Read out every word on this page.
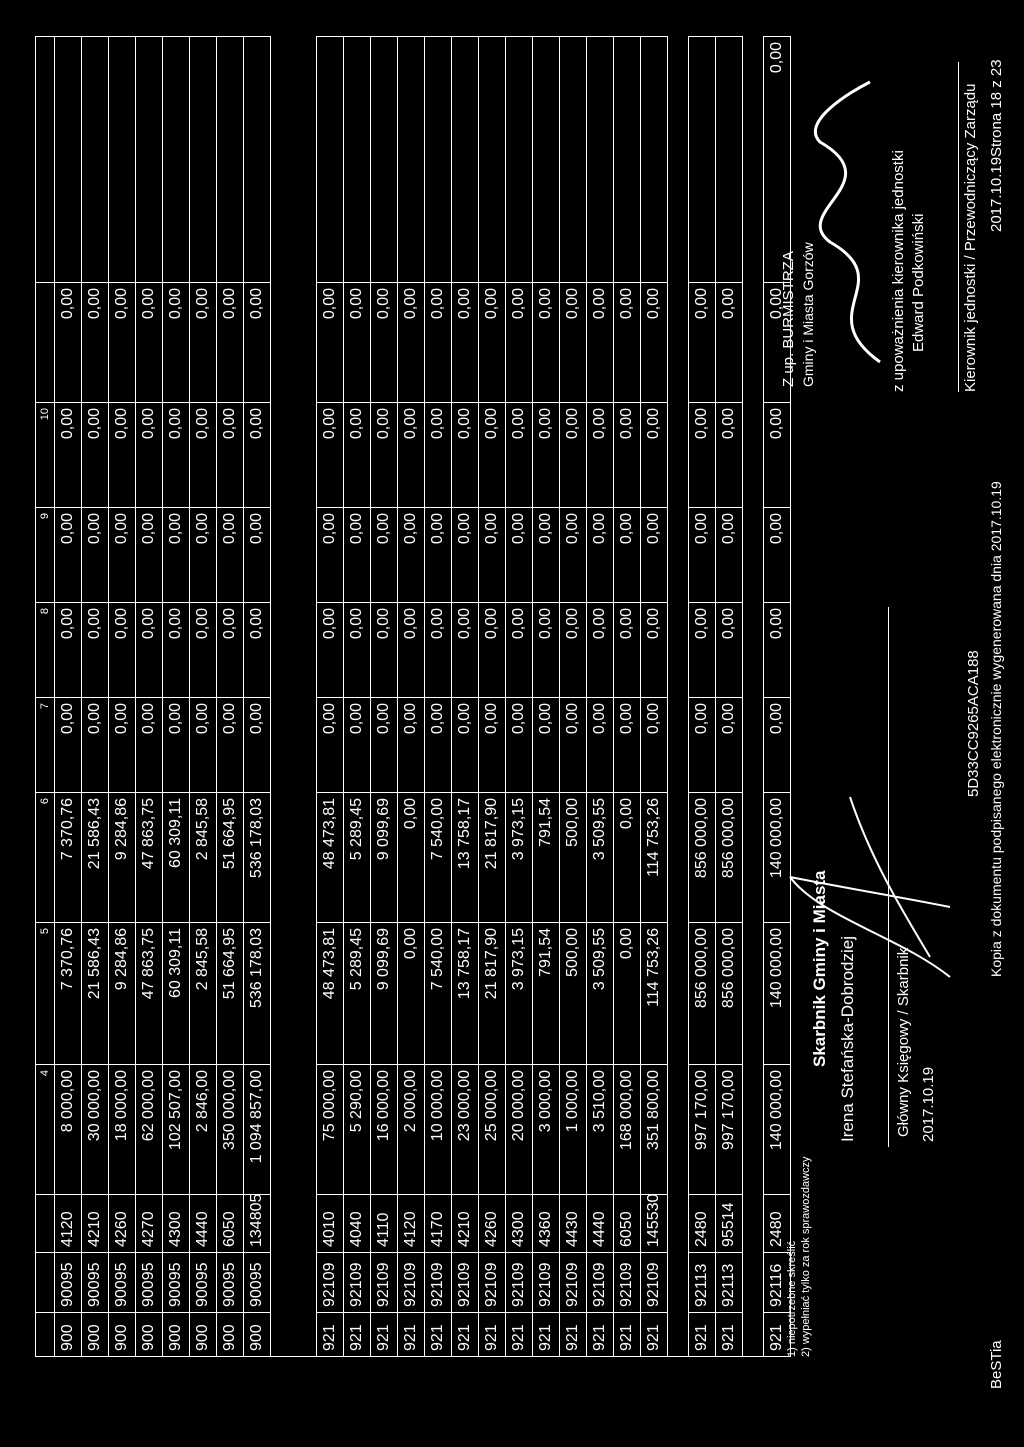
4
5
6
7
8
9
10
900
90095
4120
8 000,00
7 370,76
7 370,76
0,00
0,00
0,00
0,00
0,00
900
90095
4210
30 000,00
21 586,43
21 586,43
0,00
0,00
0,00
0,00
0,00
900
90095
4260
18 000,00
9 284,86
9 284,86
0,00
0,00
0,00
0,00
0,00
900
90095
4270
62 000,00
47 863,75
47 863,75
0,00
0,00
0,00
0,00
0,00
900
90095
4300
102 507,00
60 309,11
60 309,11
0,00
0,00
0,00
0,00
0,00
900
90095
4440
2 846,00
2 845,58
2 845,58
0,00
0,00
0,00
0,00
0,00
900
90095
6050
350 000,00
51 664,95
51 664,95
0,00
0,00
0,00
0,00
0,00
900
90095
134805
1 094 857,00
536 178,03
536 178,03
0,00
0,00
0,00
0,00
0,00
921
92109
4010
75 000,00
48 473,81
48 473,81
0,00
0,00
0,00
0,00
0,00
921
92109
4040
5 290,00
5 289,45
5 289,45
0,00
0,00
0,00
0,00
0,00
921
92109
4110
16 000,00
9 099,69
9 099,69
0,00
0,00
0,00
0,00
0,00
921
92109
4120
2 000,00
0,00
0,00
0,00
0,00
0,00
0,00
0,00
921
92109
4170
10 000,00
7 540,00
7 540,00
0,00
0,00
0,00
0,00
0,00
921
92109
4210
23 000,00
13 758,17
13 758,17
0,00
0,00
0,00
0,00
0,00
921
92109
4260
25 000,00
21 817,90
21 817,90
0,00
0,00
0,00
0,00
0,00
921
92109
4300
20 000,00
3 973,15
3 973,15
0,00
0,00
0,00
0,00
0,00
921
92109
4360
3 000,00
791,54
791,54
0,00
0,00
0,00
0,00
0,00
921
92109
4430
1 000,00
500,00
500,00
0,00
0,00
0,00
0,00
0,00
921
92109
4440
3 510,00
3 509,55
3 509,55
0,00
0,00
0,00
0,00
0,00
921
92109
6050
168 000,00
0,00
0,00
0,00
0,00
0,00
0,00
0,00
921
92109
145530
351 800,00
114 753,26
114 753,26
0,00
0,00
0,00
0,00
0,00
921
92113
2480
997 170,00
856 000,00
856 000,00
0,00
0,00
0,00
0,00
0,00
921
92113
95514
997 170,00
856 000,00
856 000,00
0,00
0,00
0,00
0,00
0,00
921
92116
2480
140 000,00
140 000,00
140 000,00
0,00
0,00
0,00
0,00
0,00
0,00
1) niepotrzebne skreślić 2) wypełniać tylko za rok sprawozdawczy
Skarbnik Gminy i Miasta Irena Stefańska-Dobrodziej	Główny Księgowy / Skarbnik 2017.10.19
Z up. BURMISTRZA Gminy i Miasta Gorzów	z upoważnienia kierownika jednostki Edward Podkowiński Kierownik jednostki / Przewodniczący Zarządu 2017.10.19
BeSTia
5D33CC9265ACA188 Kopia z dokumentu podpisanego elektronicznie wygenerowana dnia 2017.10.19
Strona 18 z 23
